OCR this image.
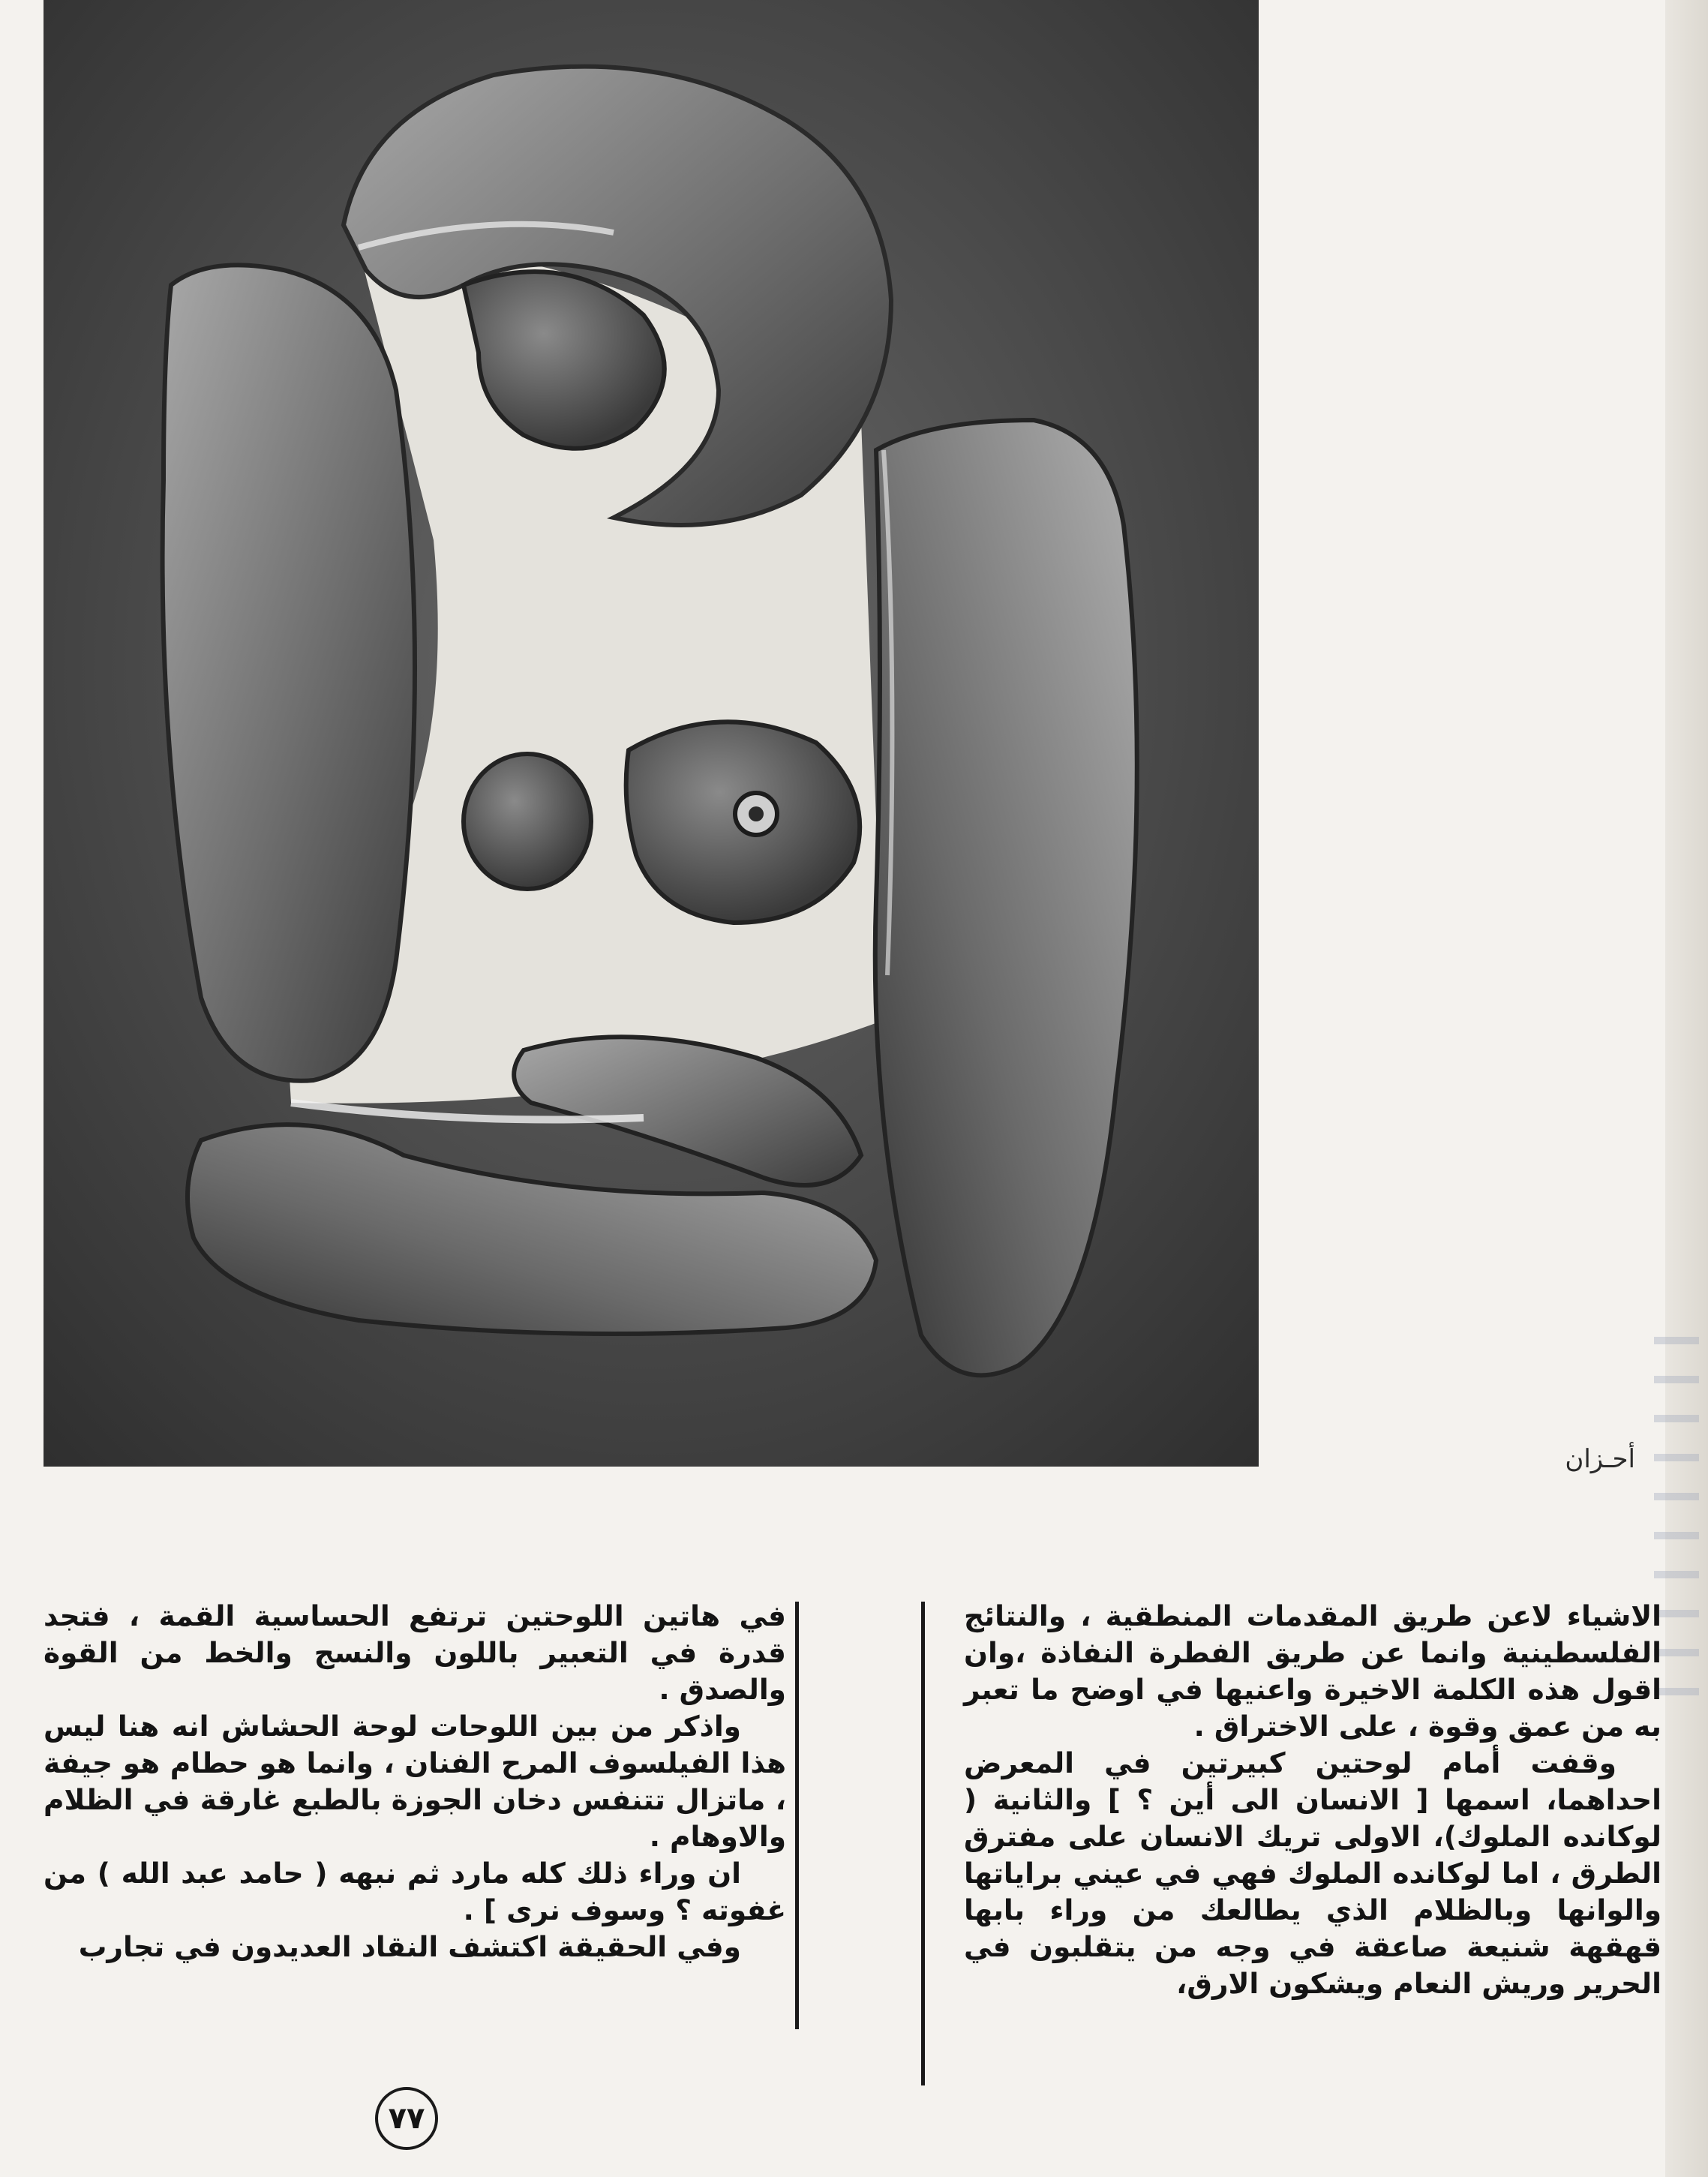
أحـزان

الاشياء لاعن طريق المقدمات المنطقية ، والنتائج الفلسطينية وانما عن طريق الفطرة النفاذة ،وان اقول هذه الكلمة الاخيرة واعنيها في اوضح ما تعبر به من عمق وقوة ، على الاختراق .

وقفت أمام لوحتين كبيرتين في المعرض احداهما، اسمها [ الانسان الى أين ؟ ] والثانية ( لوكانده الملوك)، الاولى تريك الانسان على مفترق الطرق ، اما لوكانده الملوك فهي في عيني براياتها والوانها وبالظلام الذي يطالعك من وراء بابها قهقهة شنيعة صاعقة في وجه من يتقلبون في الحرير وريش النعام ويشكون الارق،

في هاتين اللوحتين ترتفع الحساسية القمة ، فتجد قدرة في التعبير باللون والنسج والخط من القوة والصدق .

واذكر من بين اللوحات لوحة الحشاش انه هنا ليس هذا الفيلسوف المرح الفنان ، وانما هو حطام هو جيفة ، ماتزال تتنفس دخان الجوزة بالطبع غارقة في الظلام والاوهام .

ان وراء ذلك كله مارد ثم نبهه ( حامد عبد الله ) من غفوته ؟ وسوف نرى ] .

وفي الحقيقة اكتشف النقاد العديدون في تجارب

٧٧
